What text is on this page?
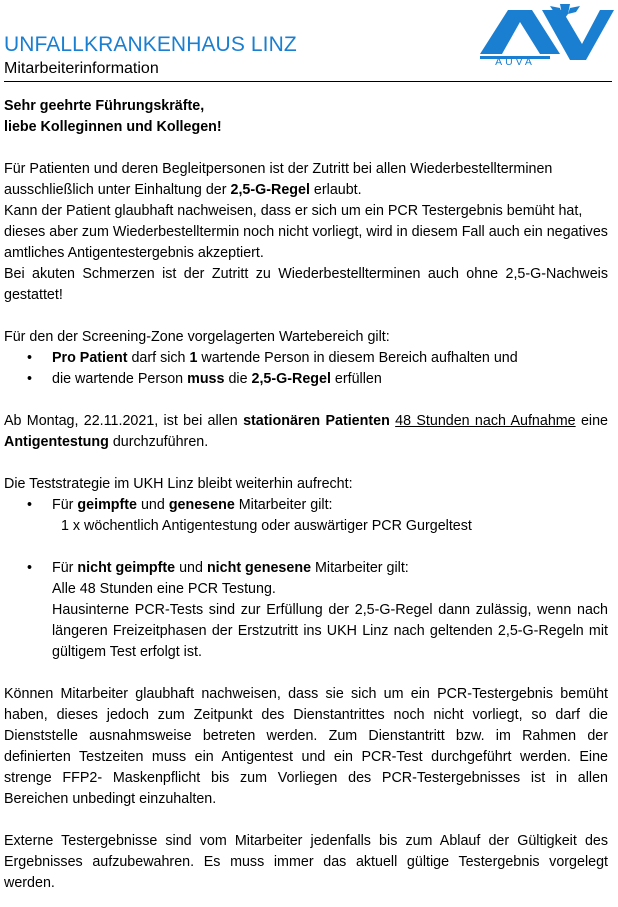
UNFALLKRANKENHAUS LINZ
Mitarbeiterinformation	AUVA

Sehr geehrte Führungskräfte,

liebe Kolleginnen und Kollegen!

Für Patienten und deren Begleitpersonen ist der Zutritt bei allen Wiederbestellterminen ausschließlich unter Einhaltung der 2,5-G-Regel erlaubt.

Kann der Patient glaubhaft nachweisen, dass er sich um ein PCR Testergebnis bemüht hat, dieses aber zum Wiederbestelltermin noch nicht vorliegt, wird in diesem Fall auch ein negatives amtliches Antigentestergebnis akzeptiert.

Bei akuten Schmerzen ist der Zutritt zu Wiederbestellterminen auch ohne 2,5-G-Nachweis gestattet!

Für den der Screening-Zone vorgelagerten Wartebereich gilt:

• Pro Patient darf sich 1 wartende Person in diesem Bereich aufhalten und

• die wartende Person muss die 2,5-G-Regel erfüllen

Ab Montag, 22.11.2021, ist bei allen stationären Patienten 48 Stunden nach Aufnahme eine Antigentestung durchzuführen.

Die Teststrategie im UKH Linz bleibt weiterhin aufrecht:

• Für geimpfte und genesene Mitarbeiter gilt:

1 x wöchentlich Antigentestung oder auswärtiger PCR Gurgeltest

• Für nicht geimpfte und nicht genesene Mitarbeiter gilt:

Alle 48 Stunden eine PCR Testung.

Hausinterne PCR-Tests sind zur Erfüllung der 2,5-G-Regel dann zulässig, wenn nach längeren Freizeitphasen der Erstzutritt ins UKH Linz nach geltenden 2,5-G-Regeln mit gültigem Test erfolgt ist.

Können Mitarbeiter glaubhaft nachweisen, dass sie sich um ein PCR-Testergebnis bemüht haben, dieses jedoch zum Zeitpunkt des Dienstantrittes noch nicht vorliegt, so darf die Dienststelle ausnahmsweise betreten werden. Zum Dienstantritt bzw. im Rahmen der definierten Testzeiten muss ein Antigentest und ein PCR-Test durchgeführt werden. Eine strenge FFP2- Maskenpflicht bis zum Vorliegen des PCR-Testergebnisses ist in allen Bereichen unbedingt einzuhalten.

Externe Testergebnisse sind vom Mitarbeiter jedenfalls bis zum Ablauf der Gültigkeit des Ergebnisses aufzubewahren. Es muss immer das aktuell gültige Testergebnis vorgelegt werden.
